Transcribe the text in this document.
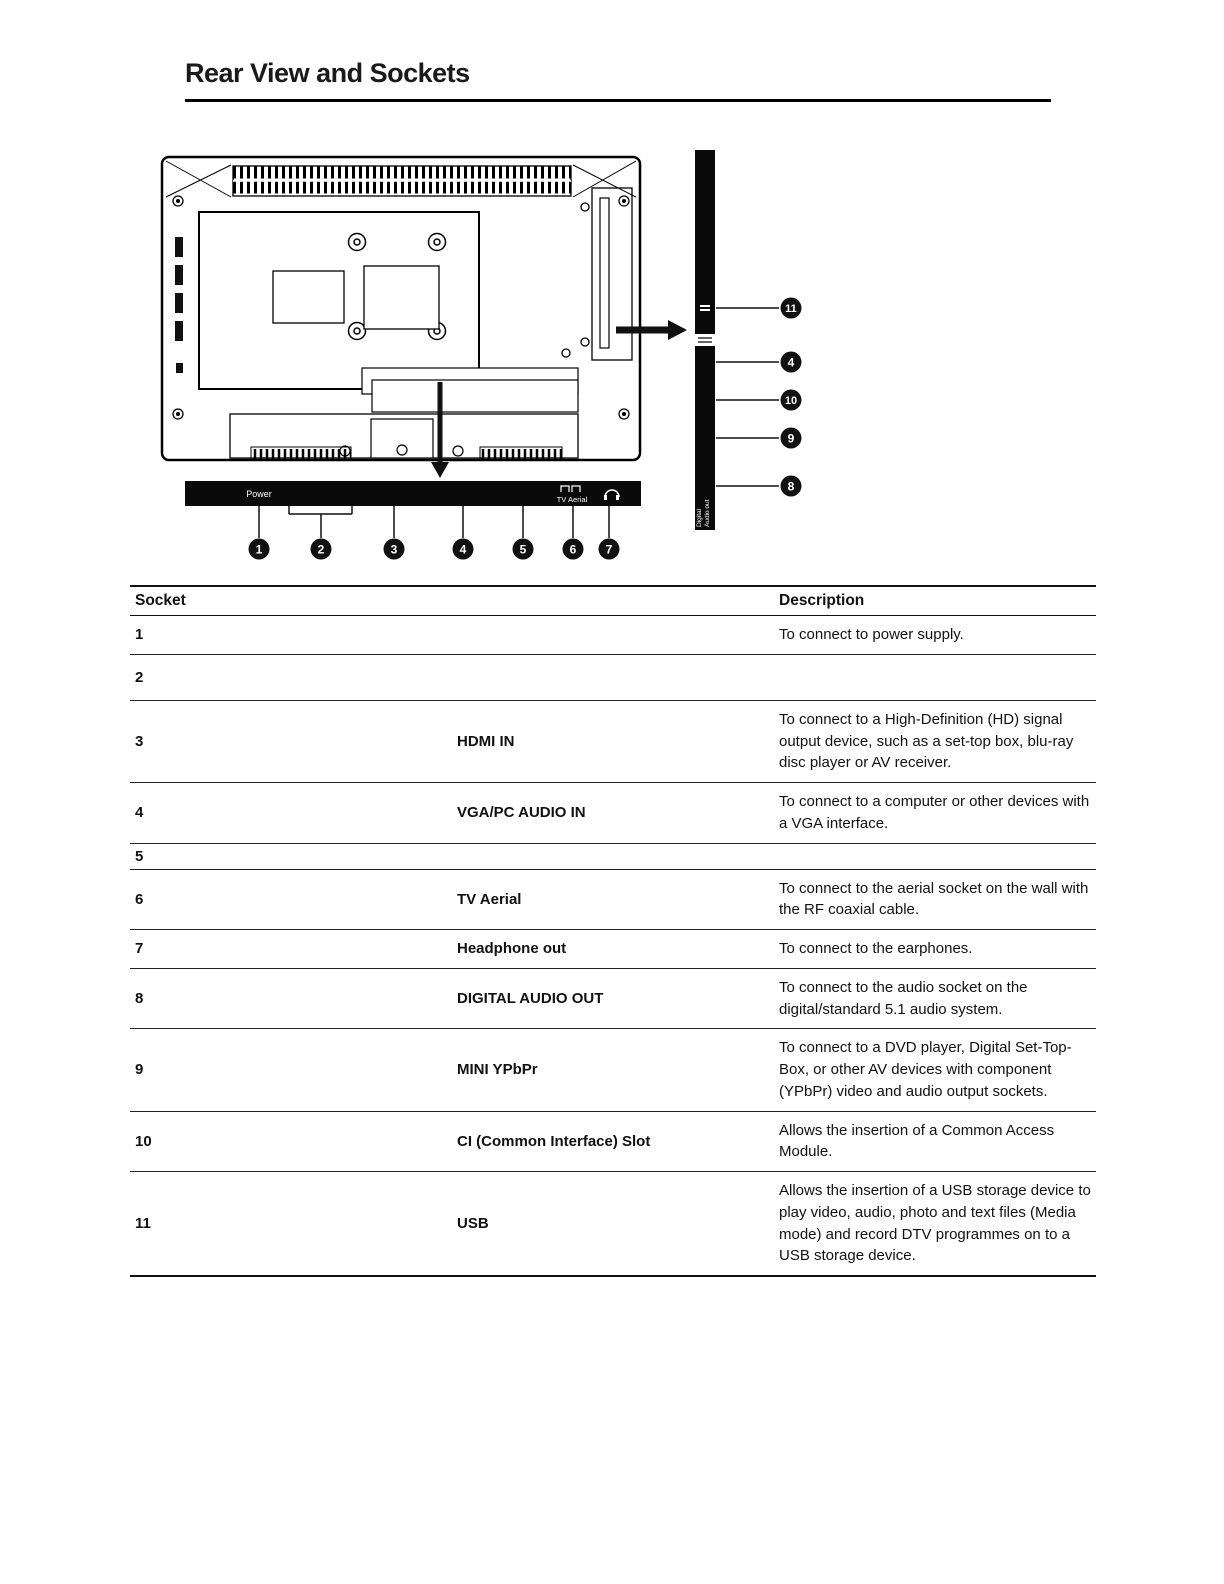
Rear View and Sockets
Power
TV Aerial
1	2	3	4	5	6 7
Digital Audio out
11
4
10
9
8
Socket		Description
1		To connect to power supply.
2		
3	HDMI IN	To connect to a High-Definition (HD) signal output device, such as a set-top box, blu-ray disc player or AV receiver.
4	VGA/PC AUDIO IN	To connect to a computer or other devices with a VGA interface.
5		
6	TV Aerial	To connect to the aerial socket on the wall with the RF coaxial cable.
7	Headphone out	To connect to the earphones.
8	DIGITAL AUDIO OUT	To connect to the audio socket on the digital/standard 5.1 audio system.
9	MINI YPbPr	To connect to a DVD player, Digital Set-Top-Box, or other AV devices with component (YPbPr) video and audio output sockets.
10	CI (Common Interface) Slot	Allows the insertion of a Common Access Module.
11	USB	Allows the insertion of a USB storage device to play video, audio, photo and text files (Media mode) and record DTV programmes on to a USB storage device.
